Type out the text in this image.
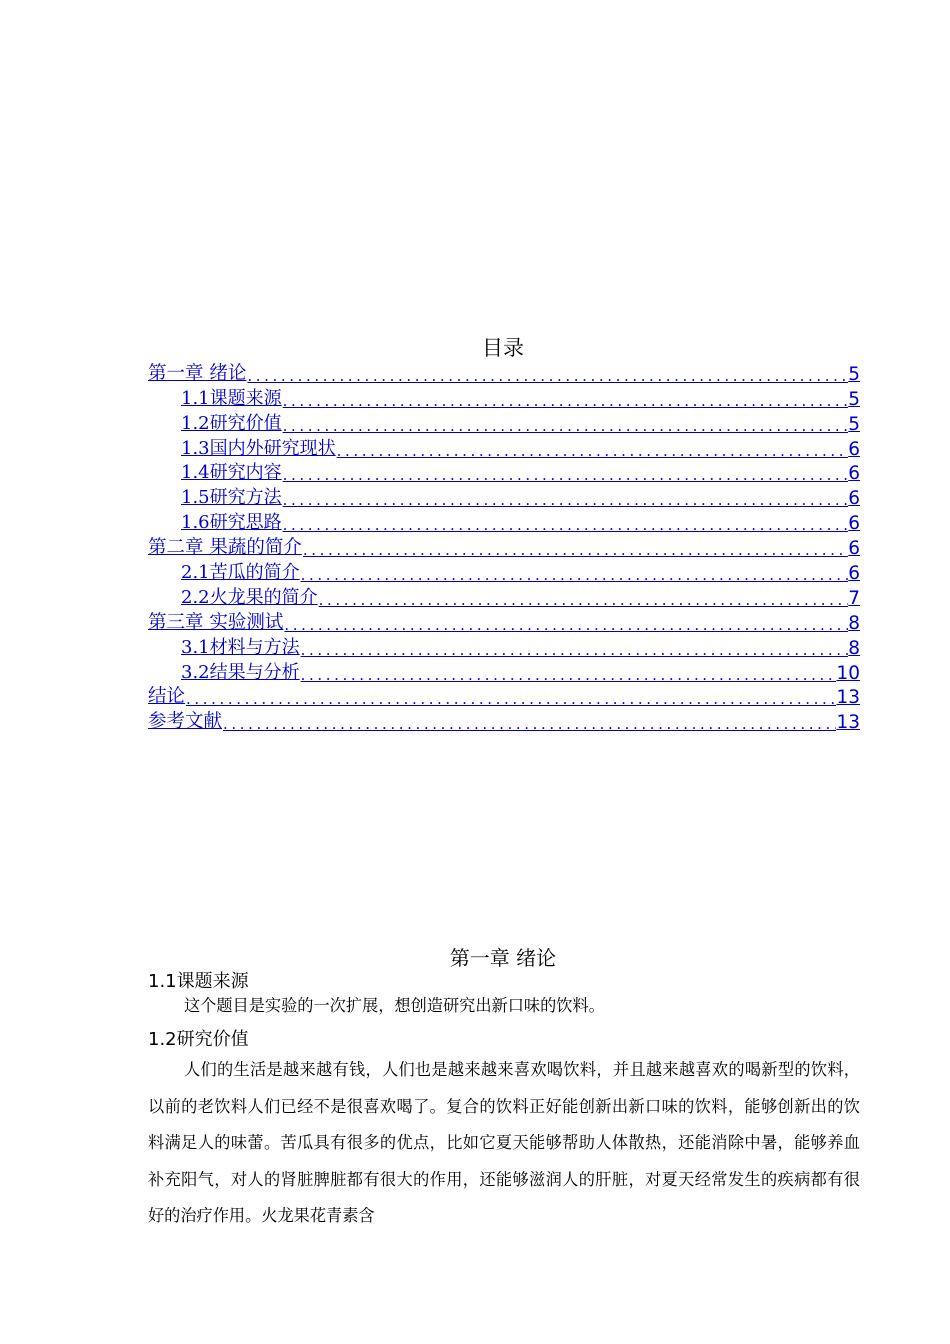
目录
第一章 绪论 .....	5
1.1课题来源 .....	5
1.2研究价值 .....	5
1.3国内外研究现状 .....	6
1.4研究内容 .....	6
1.5研究方法 .....	6
1.6研究思路 .....	6
第二章 果蔬的简介 .....	6
2.1苦瓜的简介 .....	6
2.2火龙果的简介 .....	7
第三章 实验测试 .....	8
3.1材料与方法 .....	8
3.2结果与分析 .....	10
结论 .....	13
参考文献 .....	13
第一章 绪论
1.1课题来源
这个题目是实验的一次扩展，想创造研究出新口味的饮料。
1.2研究价值
人们的生活是越来越有钱，人们也是越来越来喜欢喝饮料，并且越来越喜欢的喝新型的饮料，以前的老饮料人们已经不是很喜欢喝了。复合的饮料正好能创新出新口味的饮料，能够创新出的饮料满足人的味蕾。苦瓜具有很多的优点，比如它夏天能够帮助人体散热，还能消除中暑，能够养血补充阳气，对人的肾脏脾脏都有很大的作用，还能够滋润人的肝脏，对夏天经常发生的疾病都有很好的治疗作用。火龙果花青素含
